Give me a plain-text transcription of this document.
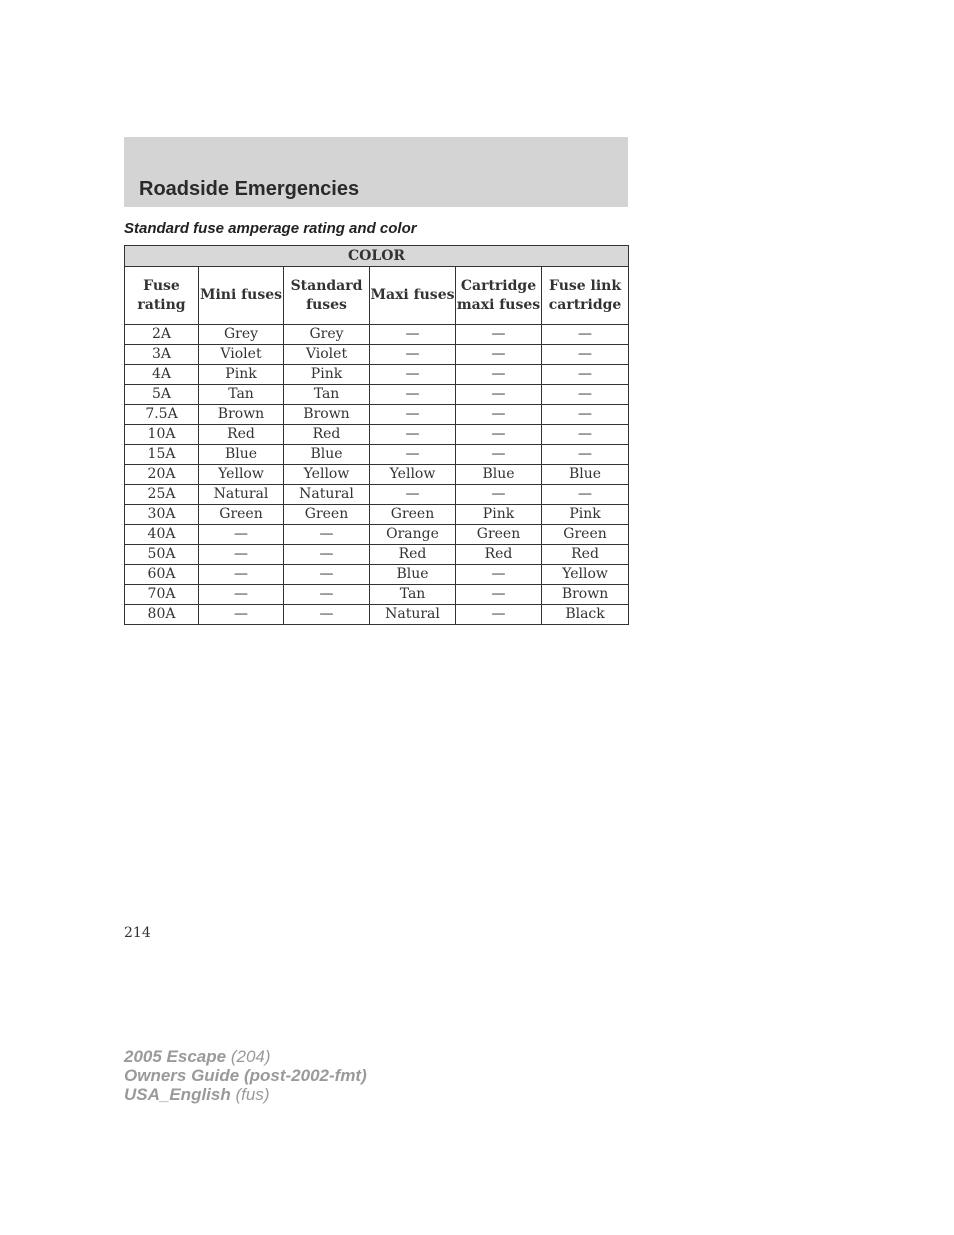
Roadside Emergencies
Standard fuse amperage rating and color
COLOR					
Fuse rating	Mini fuses	Standard fuses	Maxi fuses	Cartridge maxi fuses	Fuse link cartridge
2A	Grey	Grey	—	—	—
3A	Violet	Violet	—	—	—
4A	Pink	Pink	—	—	—
5A	Tan	Tan	—	—	—
7.5A	Brown	Brown	—	—	—
10A	Red	Red	—	—	—
15A	Blue	Blue	—	—	—
20A	Yellow	Yellow	Yellow	Blue	Blue
25A	Natural	Natural	—	—	—
30A	Green	Green	Green	Pink	Pink
40A	—	—	Orange	Green	Green
50A	—	—	Red	Red	Red
60A	—	—	Blue	—	Yellow
70A	—	—	Tan	—	Brown
80A	—	—	Natural	—	Black
214
2005 Escape (204)
Owners Guide (post-2002-fmt)
USA_English (fus)
